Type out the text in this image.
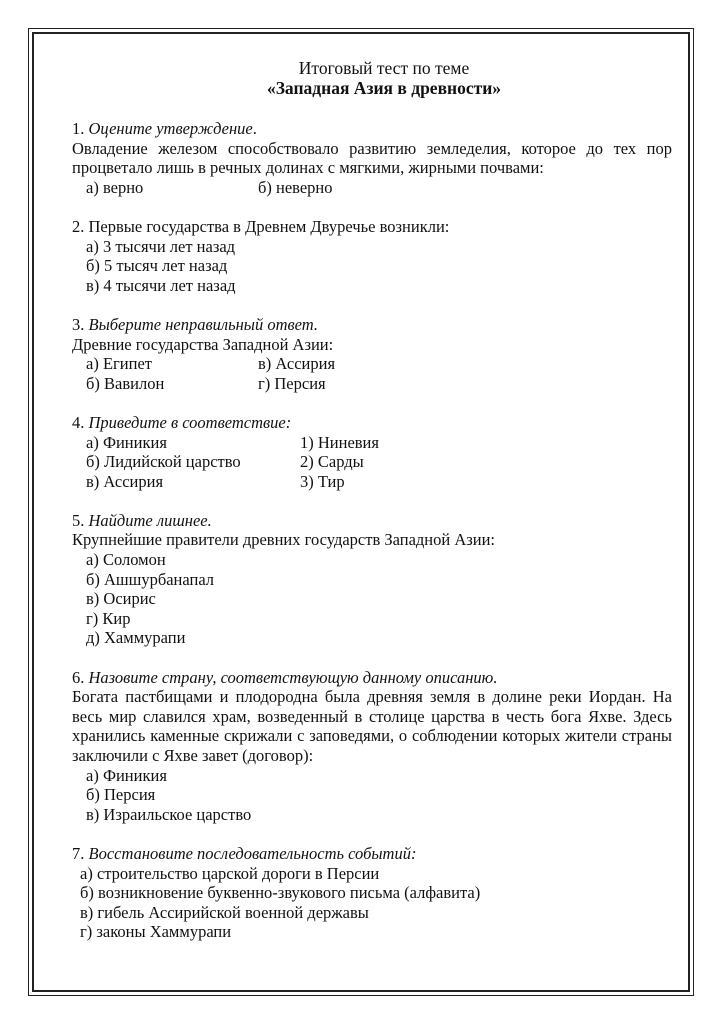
Итоговый тест по теме
«Западная Азия в древности»
1. Оцените утверждение.
Овладение железом способствовало развитию земледелия, которое до тех пор процветало лишь в речных долинах с мягкими, жирными почвами:
а) верно	б) неверно
2. Первые государства в Древнем Двуречье возникли:
а) 3 тысячи лет назад
б) 5 тысяч лет назад
в) 4 тысячи лет назад
3. Выберите неправильный ответ.
Древние государства Западной Азии:
а) Египет	в) Ассирия
б) Вавилон	г) Персия
4. Приведите в соответствие:
а) Финикия	1) Ниневия
б) Лидийской царство	2) Сарды
в) Ассирия	3) Тир
5. Найдите лишнее.
Крупнейшие правители древних государств Западной Азии:
а) Соломон
б) Ашшурбанапал
в) Осирис
г) Кир
д) Хаммурапи
6. Назовите страну, соответствующую данному описанию.
Богата пастбищами и плодородна была древняя земля в долине реки Иордан. На весь мир славился храм, возведенный в столице царства в честь бога Яхве. Здесь хранились каменные скрижали с заповедями, о соблюдении которых жители страны заключили с Яхве завет (договор):
а) Финикия
б) Персия
в) Израильское царство
7. Восстановите последовательность событий:
а) строительство царской дороги в Персии
б) возникновение буквенно-звукового письма (алфавита)
в) гибель Ассирийской военной державы
г) законы Хаммурапи
